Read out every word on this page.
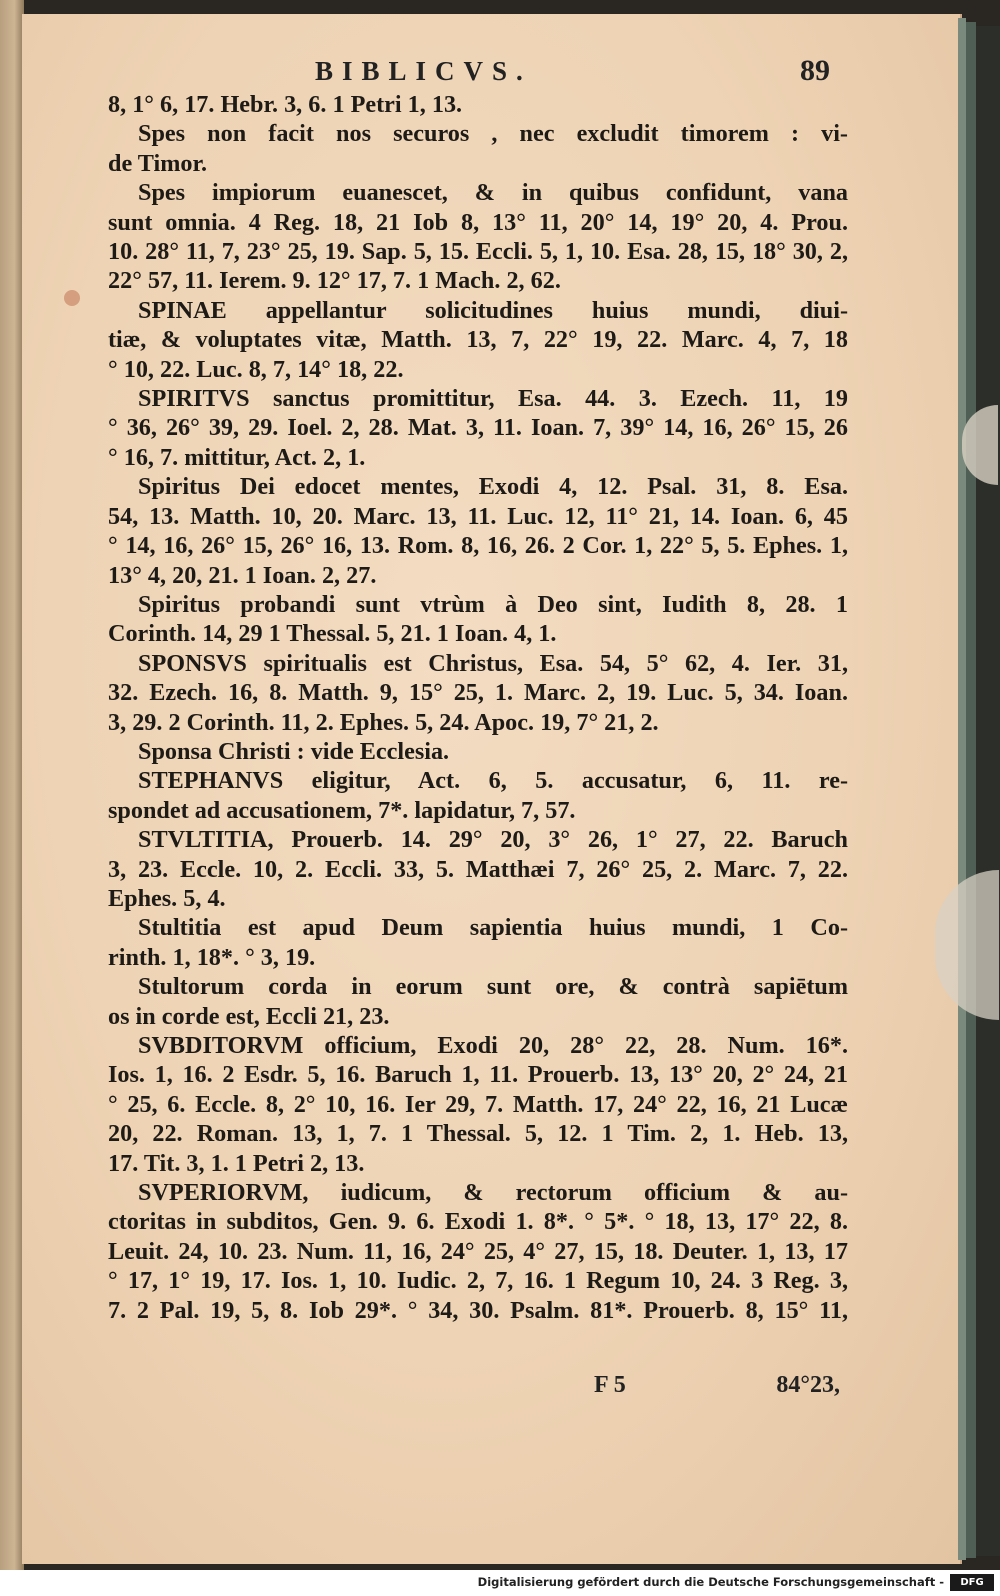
BIBLICVS.	89
8, 1° 6, 17. Hebr. 3, 6. 1 Petri 1, 13.
Spes non facit nos securos , nec excludit timorem : vi-
de Timor.
Spes impiorum euanescet, & in quibus confidunt, vana
sunt omnia. 4 Reg. 18, 21 Iob 8, 13° 11, 20° 14, 19° 20, 4. Prou.
10. 28° 11, 7, 23° 25, 19. Sap. 5, 15. Eccli. 5, 1, 10. Esa. 28, 15, 18° 30, 2,
22° 57, 11. Ierem. 9. 12° 17, 7. 1 Mach. 2, 62.
SPINAE appellantur solicitudines huius mundi, diui-
tiæ, & voluptates vitæ, Matth. 13, 7, 22° 19, 22. Marc. 4, 7, 18
° 10, 22. Luc. 8, 7, 14° 18, 22.
SPIRITVS sanctus promittitur, Esa. 44. 3. Ezech. 11, 19
° 36, 26° 39, 29. Ioel. 2, 28. Mat. 3, 11. Ioan. 7, 39° 14, 16, 26° 15, 26
° 16, 7. mittitur, Act. 2, 1.
Spiritus Dei edocet mentes, Exodi 4, 12. Psal. 31, 8. Esa.
54, 13. Matth. 10, 20. Marc. 13, 11. Luc. 12, 11° 21, 14. Ioan. 6, 45
° 14, 16, 26° 15, 26° 16, 13. Rom. 8, 16, 26. 2 Cor. 1, 22° 5, 5. Ephes. 1,
13° 4, 20, 21. 1 Ioan. 2, 27.
Spiritus probandi sunt vtrùm à Deo sint, Iudith 8, 28. 1
Corinth. 14, 29 1 Thessal. 5, 21. 1 Ioan. 4, 1.
SPONSVS spiritualis est Christus, Esa. 54, 5° 62, 4. Ier. 31,
32. Ezech. 16, 8. Matth. 9, 15° 25, 1. Marc. 2, 19. Luc. 5, 34. Ioan.
3, 29. 2 Corinth. 11, 2. Ephes. 5, 24. Apoc. 19, 7° 21, 2.
Sponsa Christi : vide Ecclesia.
STEPHANVS eligitur, Act. 6, 5. accusatur, 6, 11. re-
spondet ad accusationem, 7*. lapidatur, 7, 57.
STVLTITIA, Prouerb. 14. 29° 20, 3° 26, 1° 27, 22. Baruch
3, 23. Eccle. 10, 2. Eccli. 33, 5. Matthæi 7, 26° 25, 2. Marc. 7, 22.
Ephes. 5, 4.
Stultitia est apud Deum sapientia huius mundi, 1 Co-
rinth. 1, 18*. ° 3, 19.
Stultorum corda in eorum sunt ore, & contrà sapiētum
os in corde est, Eccli 21, 23.
SVBDITORVM officium, Exodi 20, 28° 22, 28. Num. 16*.
Ios. 1, 16. 2 Esdr. 5, 16. Baruch 1, 11. Prouerb. 13, 13° 20, 2° 24, 21
° 25, 6. Eccle. 8, 2° 10, 16. Ier 29, 7. Matth. 17, 24° 22, 16, 21 Lucæ
20, 22. Roman. 13, 1, 7. 1 Thessal. 5, 12. 1 Tim. 2, 1. Heb. 13,
17. Tit. 3, 1. 1 Petri 2, 13.
SVPERIORVM, iudicum, & rectorum officium & au-
ctoritas in subditos, Gen. 9. 6. Exodi 1. 8*. ° 5*. ° 18, 13, 17° 22, 8.
Leuit. 24, 10. 23. Num. 11, 16, 24° 25, 4° 27, 15, 18. Deuter. 1, 13, 17
° 17, 1° 19, 17. Ios. 1, 10. Iudic. 2, 7, 16. 1 Regum 10, 24. 3 Reg. 3,
7. 2 Pal. 19, 5, 8. Iob 29*. ° 34, 30. Psalm. 81*. Prouerb. 8, 15° 11,
F 5	84°23,
Digitalisierung gefördert durch die Deutsche Forschungsgemeinschaft -	DFG
